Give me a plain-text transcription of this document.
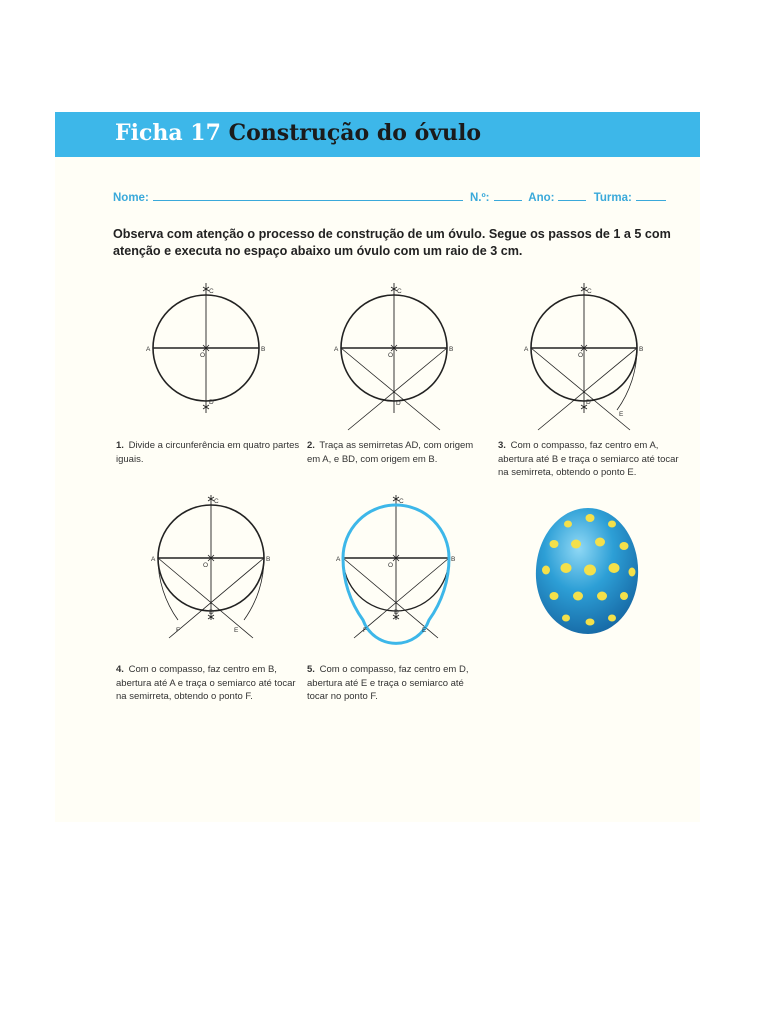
Ficha 17 Construção do óvulo
Nome:	N.º:	Ano:	Turma:

Observa com atenção o processo de construção de um óvulo. Segue os passos de 1 a 5 com atenção e executa no espaço abaixo um óvulo com um raio de 3 cm.

C
A	B
O
D
C
A	B
O
D
C
A	B
O
D
E
C
A	B
O
D
E
F
C
A	B
O
D
E
F

1. Divide a circunferência em quatro partes iguais.

2. Traça as semirretas AD, com origem em A, e BD, com origem em B.

3. Com o compasso, faz centro em A, abertura até B e traça o semiarco até tocar na semirreta, obtendo o ponto E.

4. Com o compasso, faz centro em B, abertura até A e traça o semiarco até tocar na semirreta, obtendo o ponto F.

5. Com o compasso, faz centro em D, abertura até E e traça o semiarco até tocar no ponto F.
